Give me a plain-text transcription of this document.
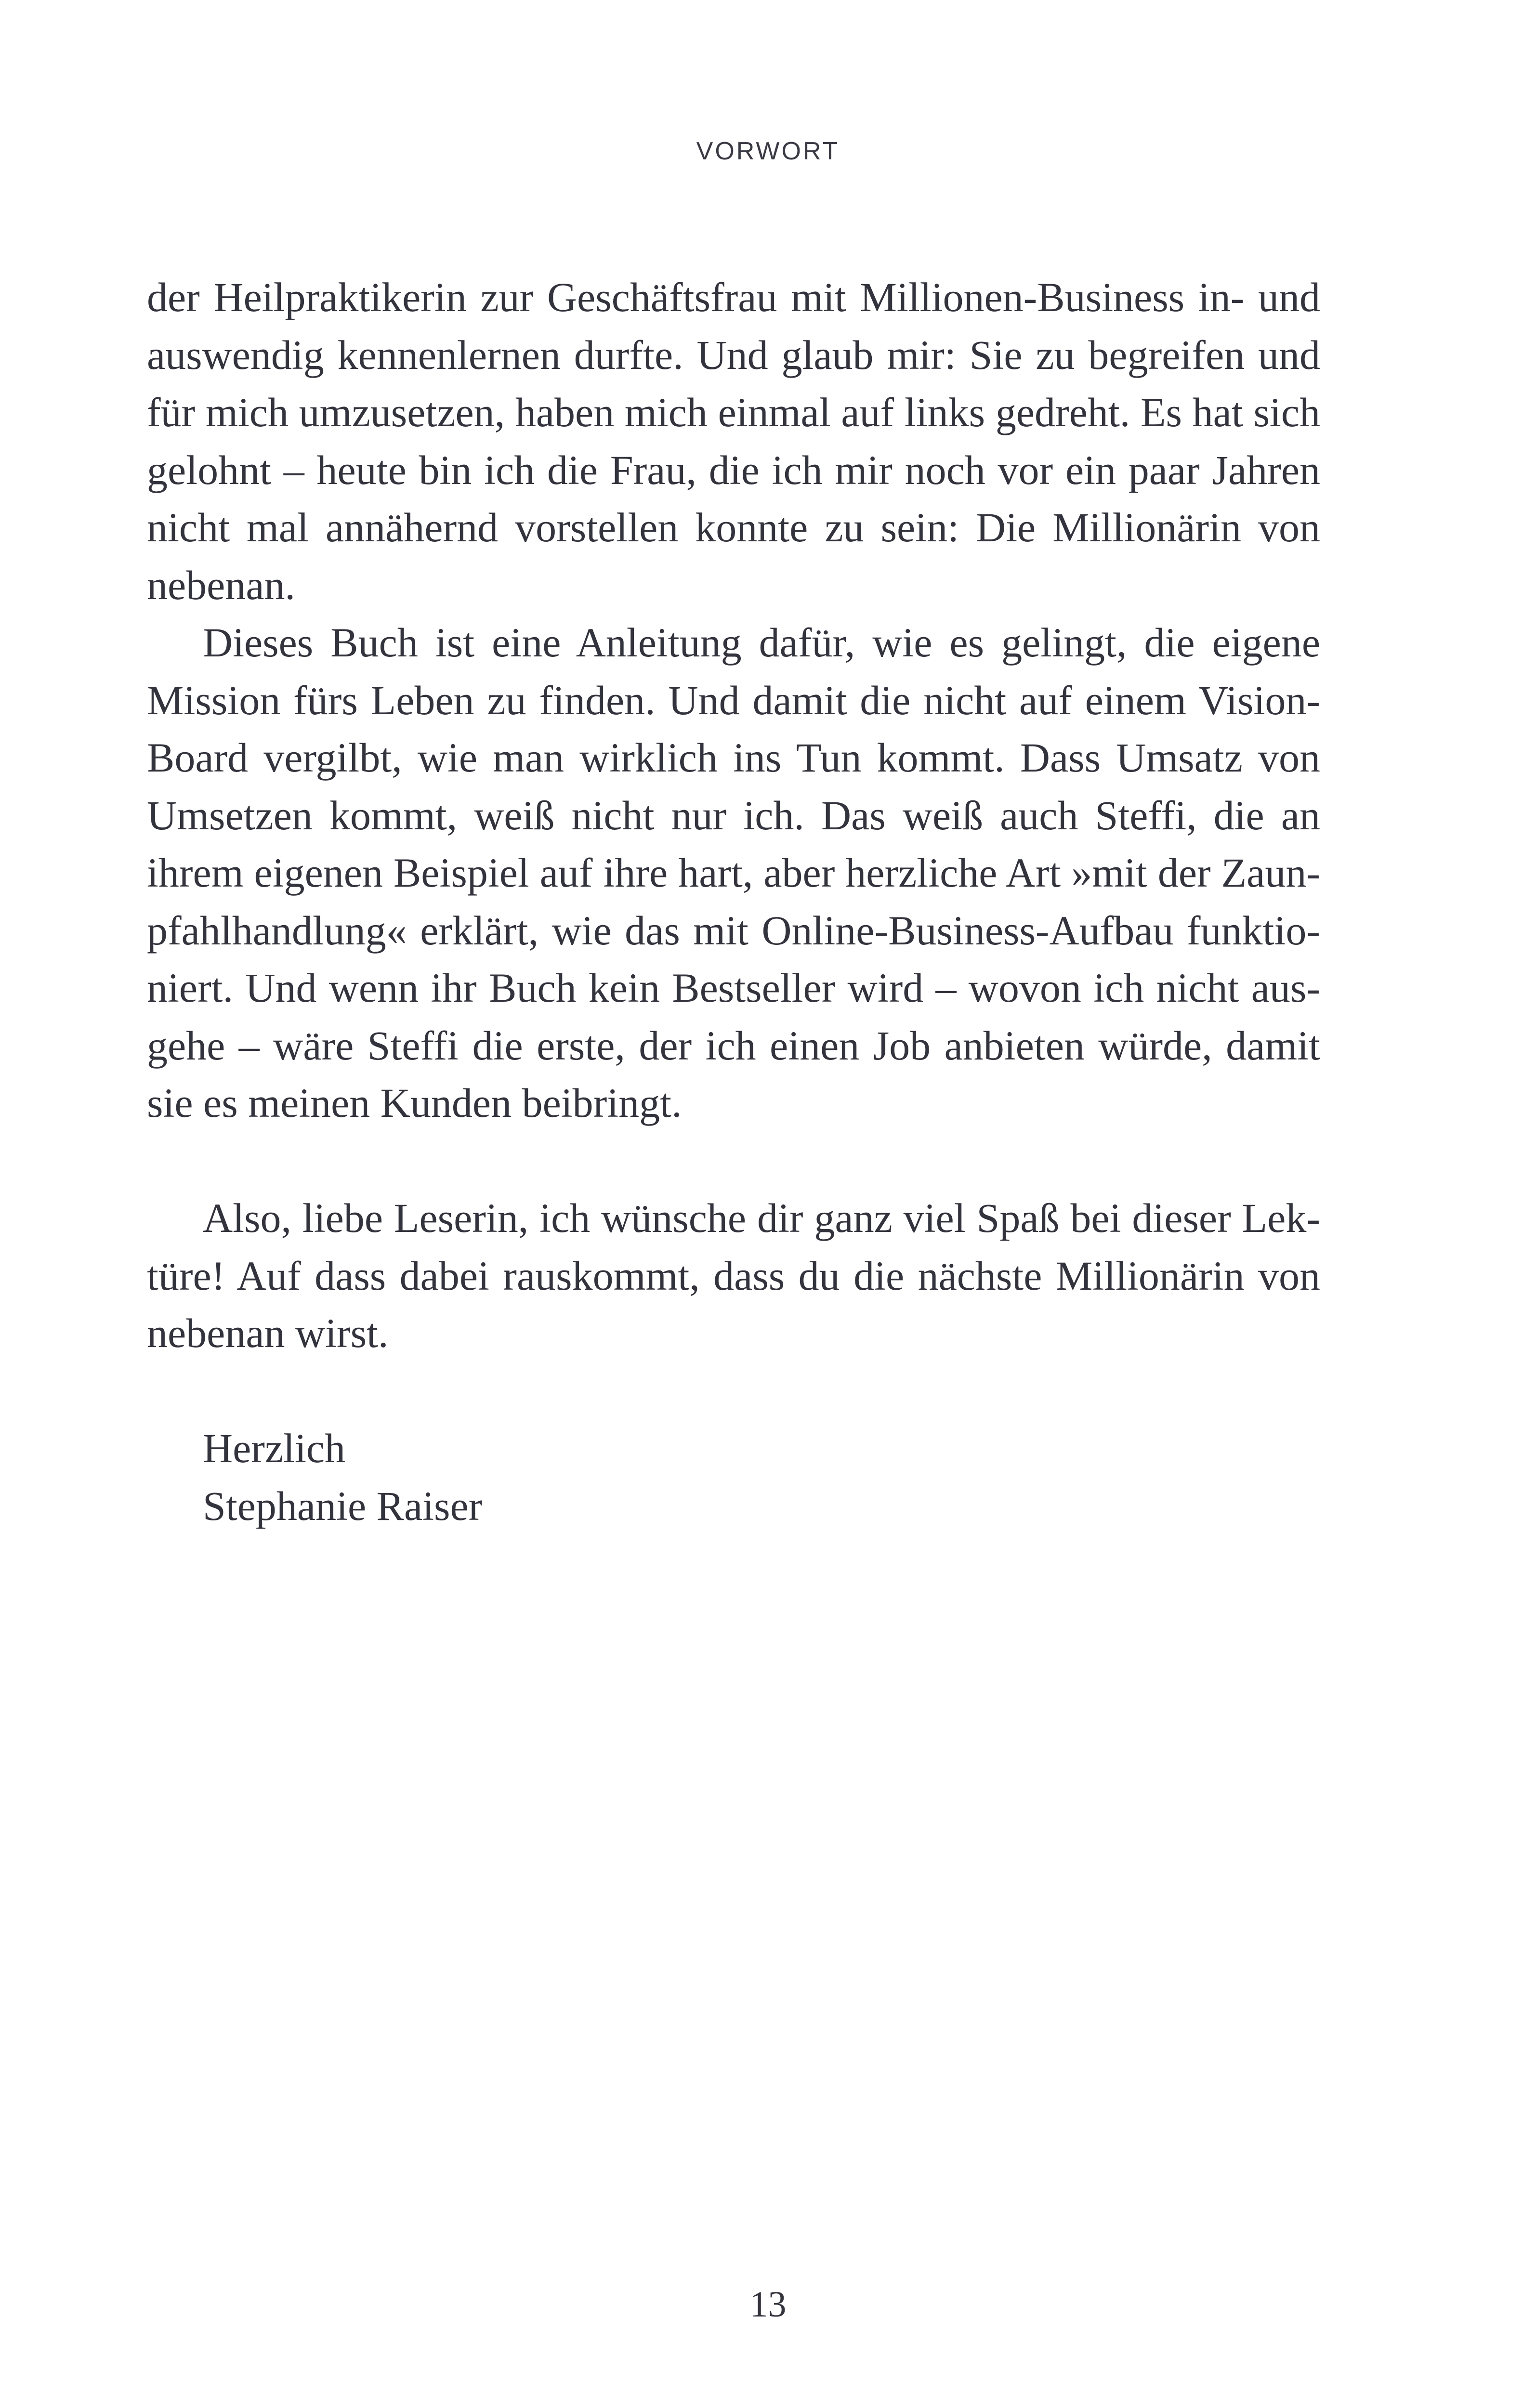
VORWORT

der Heilpraktikerin zur Geschäftsfrau mit Millionen-Business in- und auswendig kennenlernen durfte. Und glaub mir: Sie zu begreifen und für mich umzusetzen, haben mich einmal auf links gedreht. Es hat sich gelohnt – heute bin ich die Frau, die ich mir noch vor ein paar Jahren nicht mal annähernd vorstellen konnte zu sein: Die Millionärin von nebenan.

Dieses Buch ist eine Anleitung dafür, wie es gelingt, die eigene Mission fürs Leben zu finden. Und damit die nicht auf einem Vision-Board vergilbt, wie man wirklich ins Tun kommt. Dass Umsatz von Umsetzen kommt, weiß nicht nur ich. Das weiß auch Steffi, die an ihrem eigenen Beispiel auf ihre hart, aber herzliche Art »mit der Zaunpfahlhandlung« erklärt, wie das mit Online-Business-Aufbau funktioniert. Und wenn ihr Buch kein Bestseller wird – wovon ich nicht ausgehe – wäre Steffi die erste, der ich einen Job anbieten würde, damit sie es meinen Kunden beibringt.

Also, liebe Leserin, ich wünsche dir ganz viel Spaß bei dieser Lektüre! Auf dass dabei rauskommt, dass du die nächste Millionärin von nebenan wirst.

Herzlich
Stephanie Raiser
13
